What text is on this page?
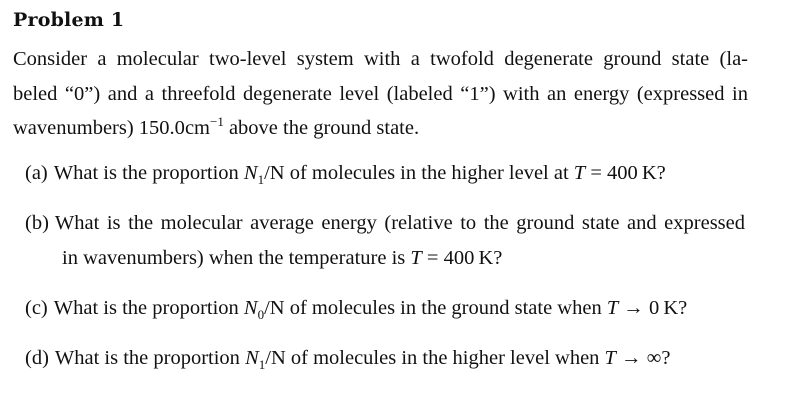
Problem 1
Consider a molecular two-level system with a twofold degenerate ground state (la-
beled “0”) and a threefold degenerate level (labeled “1”) with an energy (expressed in
wavenumbers) $150.0cm^{-1}$ above the ground state.
(a) What is the proportion $N_1/N$ of molecules in the higher level at T = 400 K?
(b) What is the molecular average energy (relative to the ground state and expressed
in wavenumbers) when the temperature is T = 400 K?
(c) What is the proportion $N_0/N$ of molecules in the ground state when T → 0 K?
(d) What is the proportion $N_1/N$ of molecules in the higher level when T → ∞?
